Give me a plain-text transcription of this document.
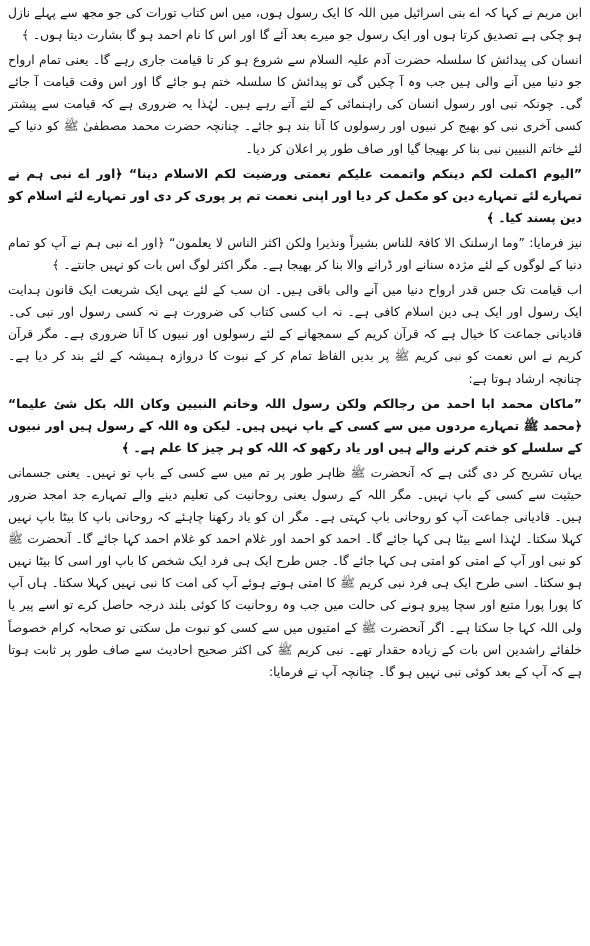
ابن مریم نے کہا کہ اے بنی اسرائیل میں اللہ کا ایک رسول ہوں، میں اس کتاب تورات کی جو مجھ سے پہلے نازل ہو چکی ہے تصدیق کرتا ہوں اور ایک رسول جو میرے بعد آئے گا اور اس کا نام احمد ہو گا بشارت دیتا ہوں۔ ﴾

انسان کی پیدائش کا سلسلہ حضرت آدم علیہ السلام سے شروع ہو کر تا قیامت جاری رہے گا۔ یعنی تمام ارواح جو دنیا میں آنے والی ہیں جب وہ آ چکیں گی تو پیدائش کا سلسلہ ختم ہو جائے گا اور اس وقت قیامت آ جائے گی۔ چونکہ نبی اور رسول انسان کی راہنمائی کے لئے آتے رہے ہیں۔ لہٰذا یہ ضروری ہے کہ قیامت سے پیشتر کسی آخری نبی کو بھیج کر نبیوں اور رسولوں کا آنا بند ہو جائے۔ چنانچہ حضرت محمد مصطفیٰ ﷺ کو دنیا کے لئے خاتم النبیین نبی بنا کر بھیجا گیا اور صاف طور پر اعلان کر دیا۔

”الیوم اکملت لکم دینکم واتممت علیکم نعمتی ورضیت لکم الاسلام دینا“ ﴿اور اے نبی ہم نے تمہارے لئے تمہارے دین کو مکمل کر دیا اور اپنی نعمت تم پر پوری کر دی اور تمہارے لئے اسلام کو دین پسند کیا۔ ﴾

نیز فرمایا: ”وما ارسلنک الا کافۃ للناس بشیراً ونذیرا ولکن اکثر الناس لا یعلمون“ ﴿اور اے نبی ہم نے آپ کو تمام دنیا کے لوگوں کے لئے مژدہ سنانے اور ڈرانے والا بنا کر بھیجا ہے۔ مگر اکثر لوگ اس بات کو نہیں جانتے۔ ﴾

اب قیامت تک جس قدر ارواح دنیا میں آنے والی باقی ہیں۔ ان سب کے لئے یہی ایک شریعت ایک قانون ہدایت ایک رسول اور ایک ہی دین اسلام کافی ہے۔ نہ اب کسی کتاب کی ضرورت ہے نہ کسی رسول اور نبی کی۔ قادیانی جماعت کا خیال ہے کہ قرآن کریم کے سمجھانے کے لئے رسولوں اور نبیوں کا آنا ضروری ہے۔ مگر قرآن کریم نے اس نعمت کو نبی کریم ﷺ پر بدیں الفاظ تمام کر کے نبوت کا دروازہ ہمیشہ کے لئے بند کر دیا ہے۔ چنانچہ ارشاد ہوتا ہے:

”ماکان محمد ابا احمد من رجالکم ولکن رسول اللہ وخاتم النبیین وکان اللہ بکل شئ علیما“ ﴿محمد ﷺ تمہارے مردوں میں سے کسی کے باپ نہیں ہیں۔ لیکن وہ اللہ کے رسول ہیں اور نبیوں کے سلسلے کو ختم کرنے والے ہیں اور یاد رکھو کہ اللہ کو ہر چیز کا علم ہے۔ ﴾

یہاں تشریح کر دی گئی ہے کہ آنحضرت ﷺ ظاہر طور پر تم میں سے کسی کے باپ تو نہیں۔ یعنی جسمانی حیثیت سے کسی کے باپ نہیں۔ مگر اللہ کے رسول یعنی روحانیت کی تعلیم دینے والے تمہارے جد امجد ضرور ہیں۔ قادیانی جماعت آپ کو روحانی باپ کہتی ہے۔ مگر ان کو یاد رکھنا چاہئے کہ روحانی باپ کا بیٹا باپ نہیں کہلا سکتا۔ لہٰذا اسے بیٹا ہی کہا جائے گا۔ احمد کو احمد اور غلام احمد کو غلام احمد کہا جائے گا۔ آنحضرت ﷺ کو نبی اور آپ کے امتی کو امتی ہی کہا جائے گا۔ جس طرح ایک ہی فرد ایک شخص کا باپ اور اسی کا بیٹا نہیں ہو سکتا۔ اسی طرح ایک ہی فرد نبی کریم ﷺ کا امتی ہوتے ہوئے آپ کی امت کا نبی نہیں کہلا سکتا۔ ہاں آپ کا پورا پورا متبع اور سچا پیرو ہونے کی حالت میں جب وہ روحانیت کا کوئی بلند درجہ حاصل کرے تو اسے پیر یا ولی اللہ کہا جا سکتا ہے۔ اگر آنحضرت ﷺ کے امتیوں میں سے کسی کو نبوت مل سکتی تو صحابہ کرام خصوصاً خلفائے راشدین اس بات کے زیادہ حقدار تھے۔ نبی کریم ﷺ کی اکثر صحیح احادیث سے صاف طور پر ثابت ہوتا ہے کہ آپ کے بعد کوئی نبی نہیں ہو گا۔ چنانچہ آپ نے فرمایا:
